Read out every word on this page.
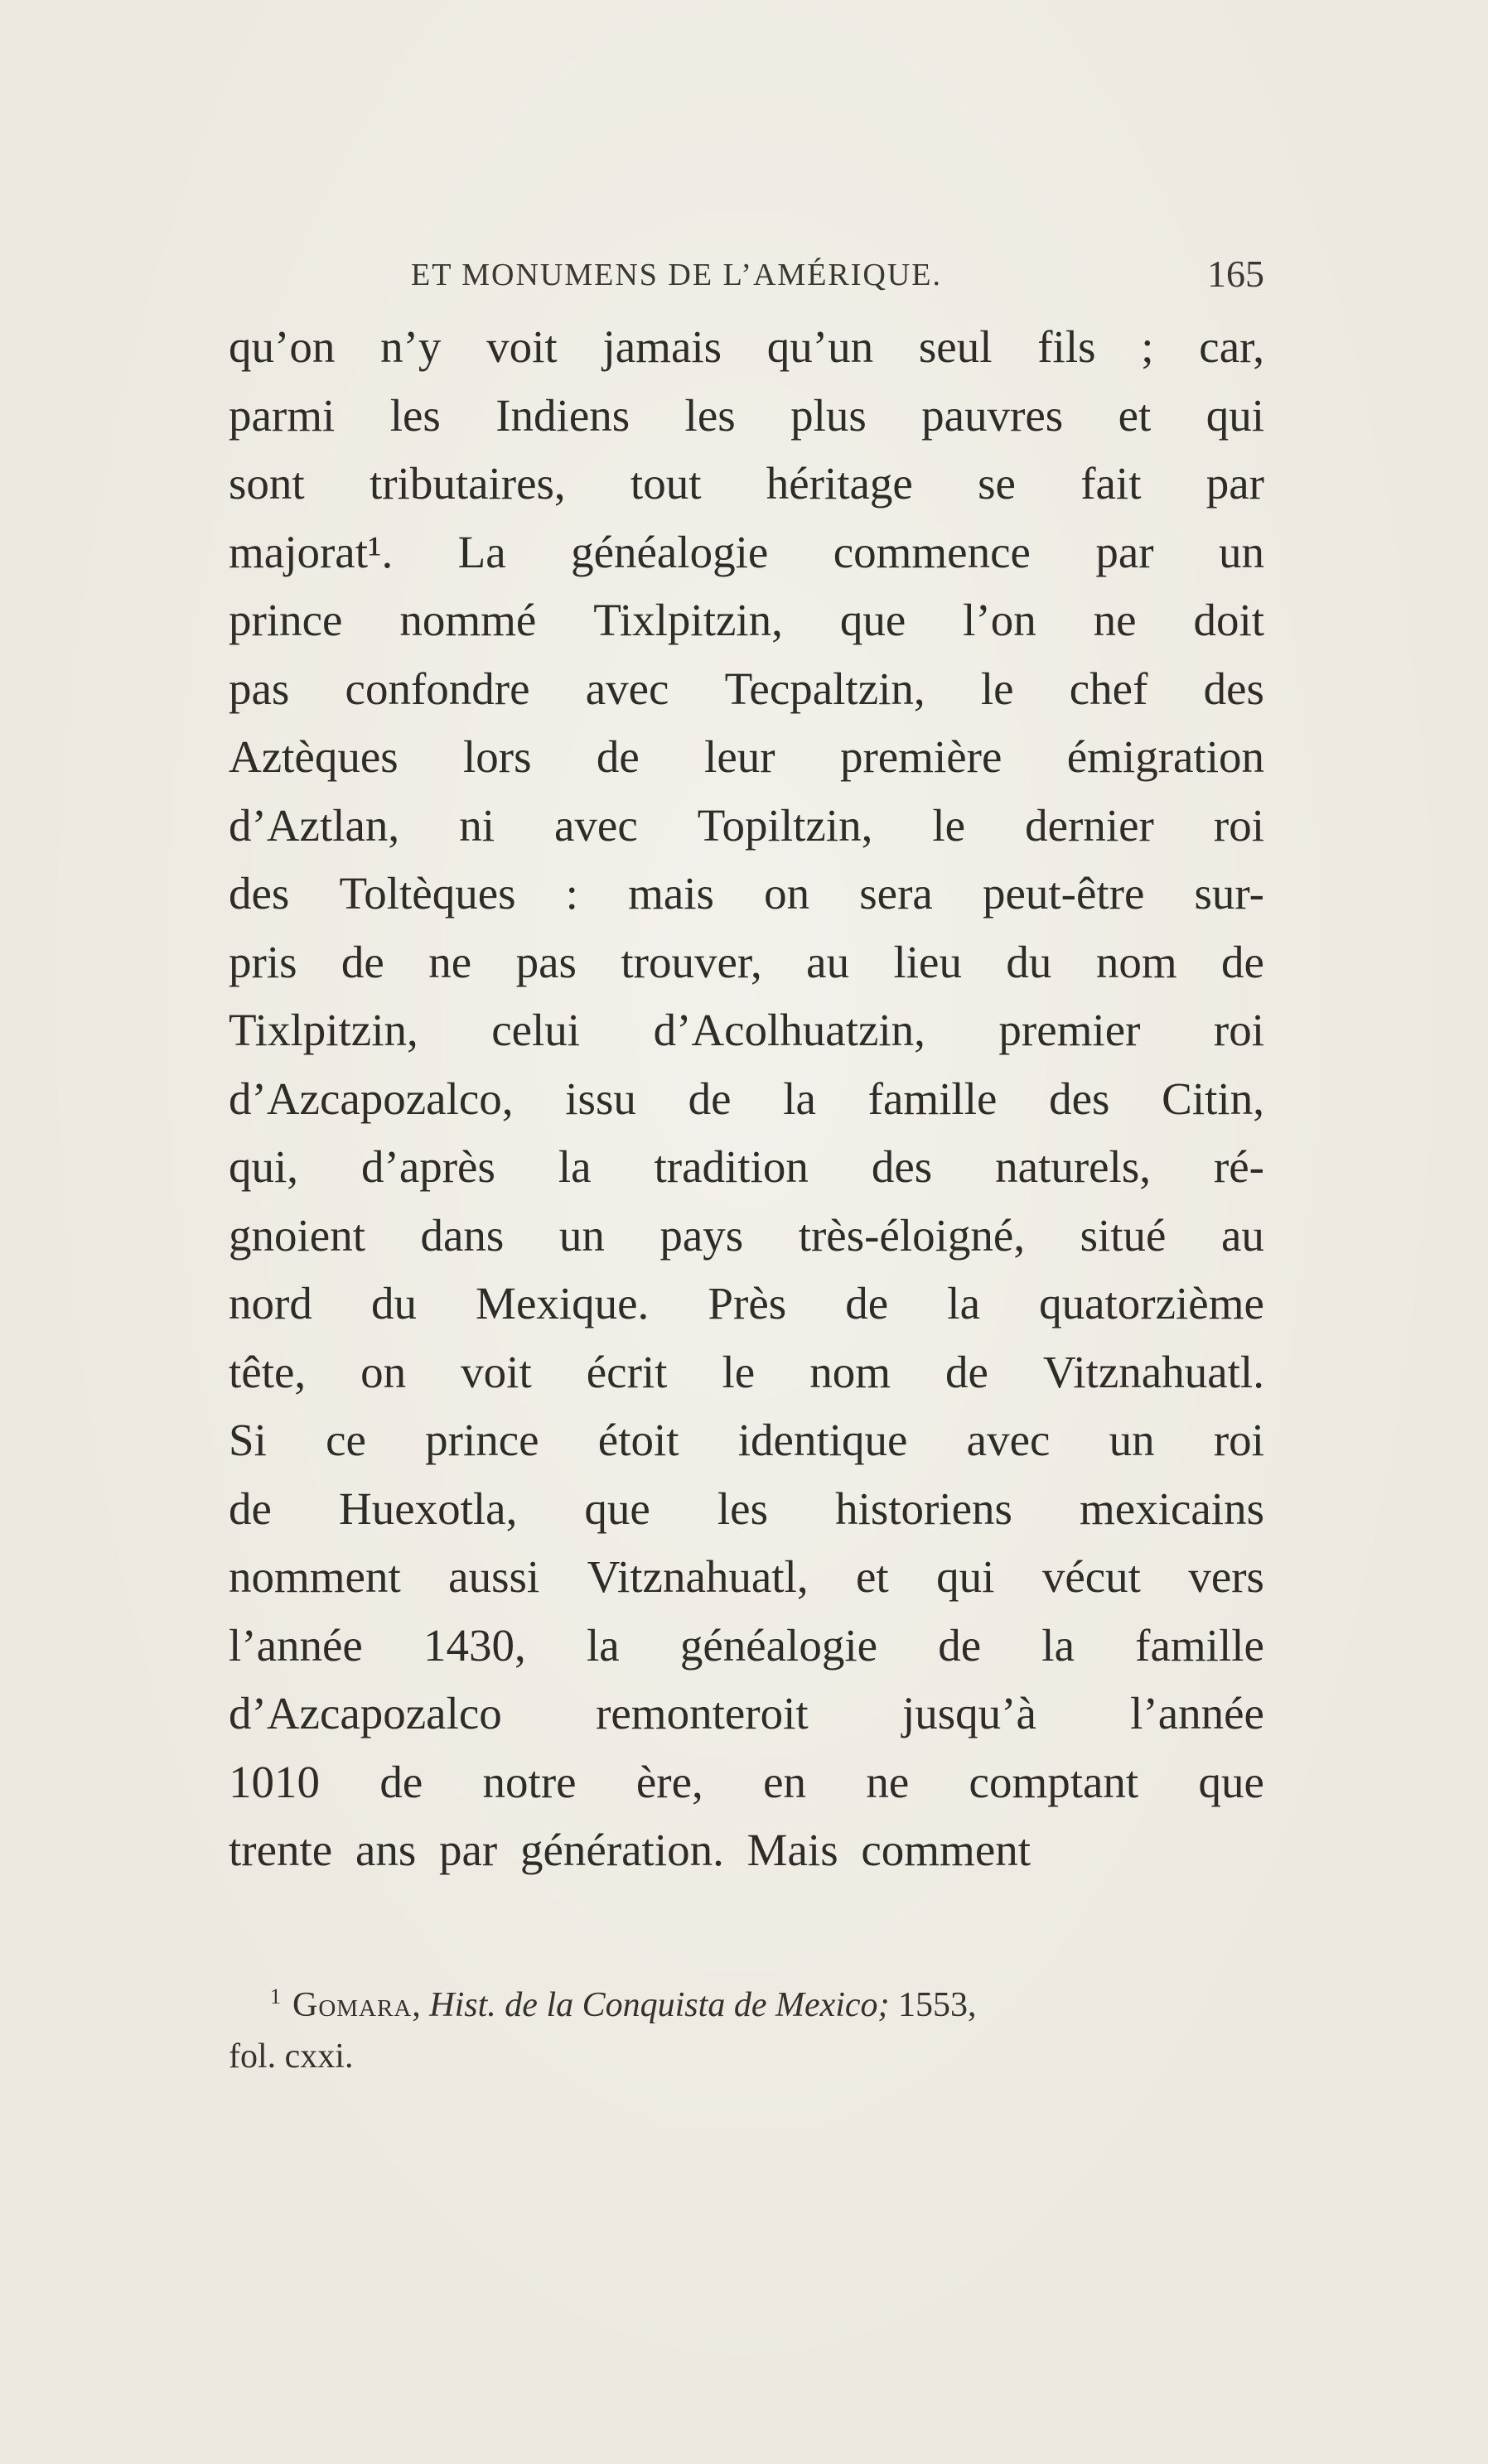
ET MONUMENS DE L’AMÉRIQUE.	165
qu’on n’y voit jamais qu’un seul fils ; car,
parmi les Indiens les plus pauvres et qui
sont tributaires, tout héritage se fait par
majorat¹. La généalogie commence par un
prince nommé Tixlpitzin, que l’on ne doit
pas confondre avec Tecpaltzin, le chef des
Aztèques lors de leur première émigration
d’Aztlan, ni avec Topiltzin, le dernier roi
des Toltèques : mais on sera peut-être sur-
pris de ne pas trouver, au lieu du nom de
Tixlpitzin, celui d’Acolhuatzin, premier roi
d’Azcapozalco, issu de la famille des Citin,
qui, d’après la tradition des naturels, ré-
gnoient dans un pays très-éloigné, situé au
nord du Mexique. Près de la quatorzième
tête, on voit écrit le nom de Vitznahuatl.
Si ce prince étoit identique avec un roi
de Huexotla, que les historiens mexicains
nomment aussi Vitznahuatl, et qui vécut vers
l’année 1430, la généalogie de la famille
d’Azcapozalco remonteroit jusqu’à l’année
1010 de notre ère, en ne comptant que
trente ans par génération. Mais comment
$^1$ Gomara, Hist. de la Conquista de Mexico; 1553,
fol. cxxi.
